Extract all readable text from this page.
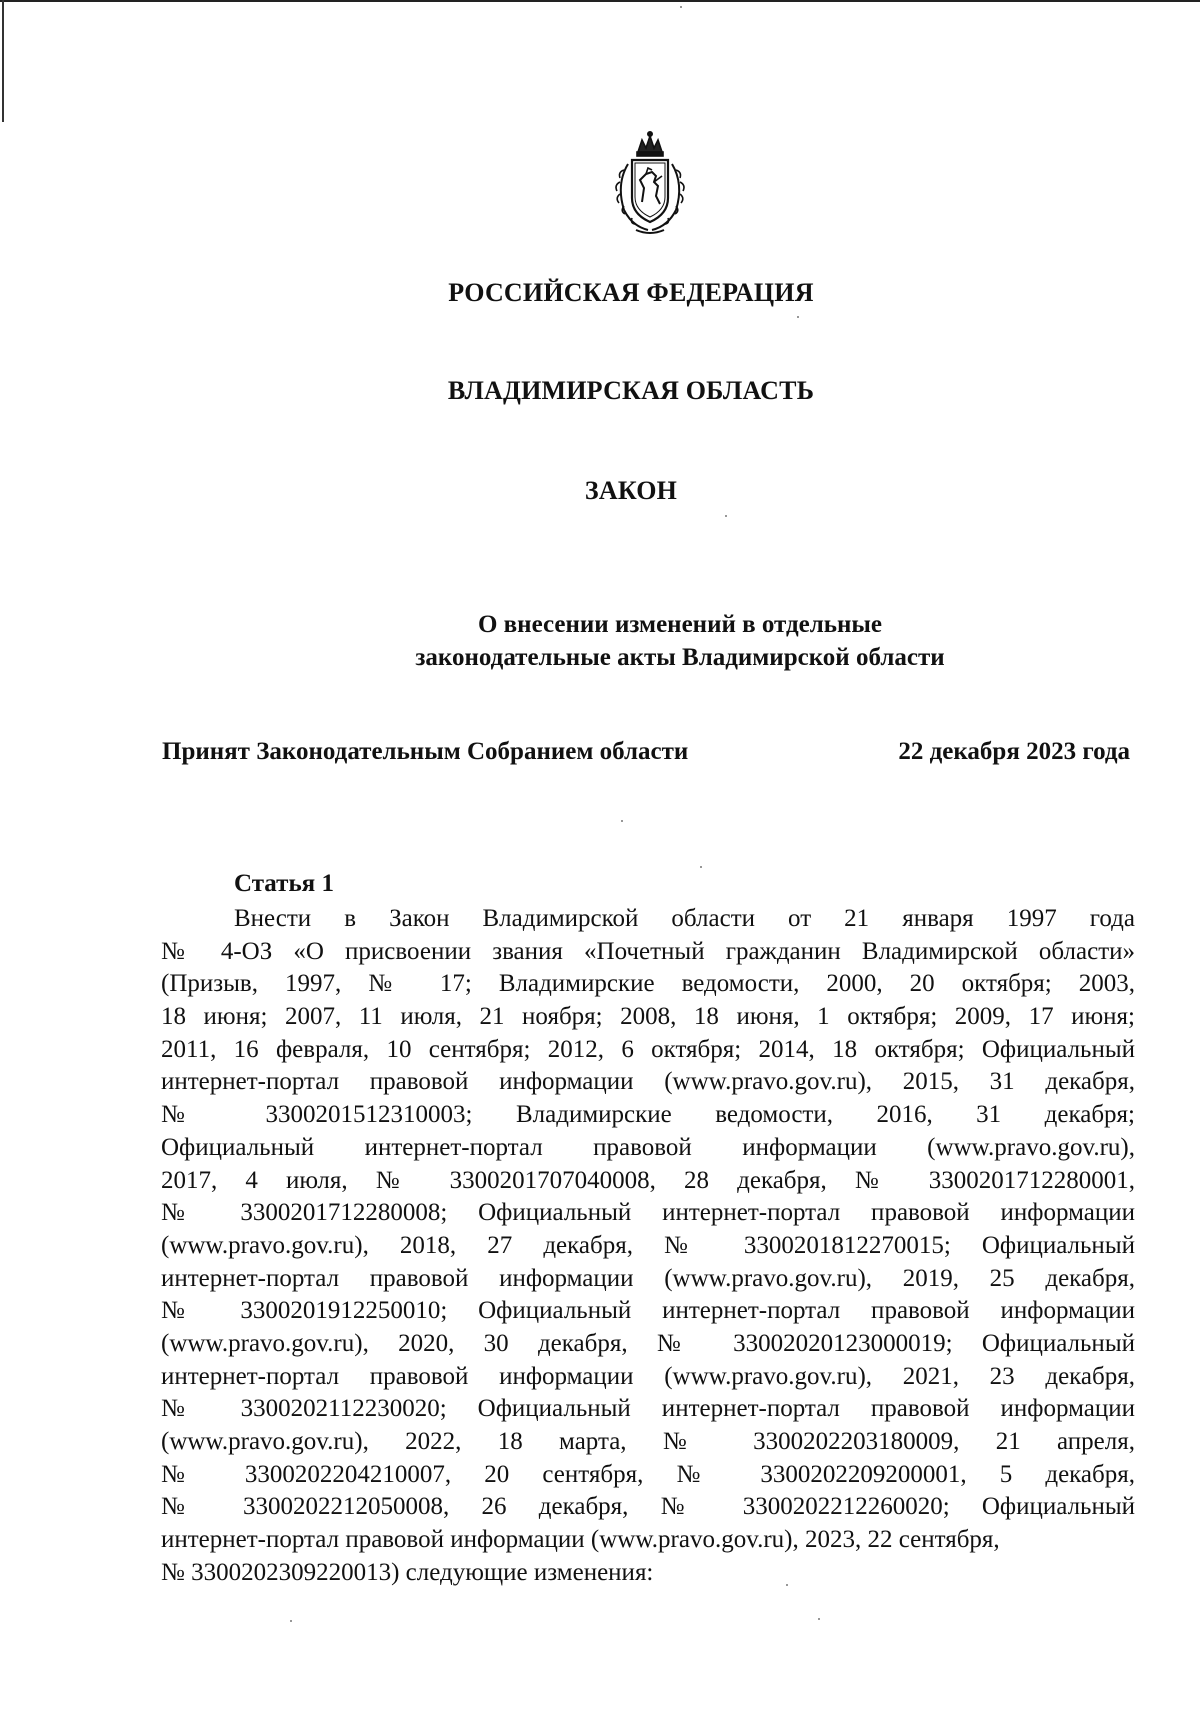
РОССИЙСКАЯ ФЕДЕРАЦИЯ
ВЛАДИМИРСКАЯ ОБЛАСТЬ
ЗАКОН
О внесении изменений в отдельные
законодательные акты Владимирской области
Принят Законодательным Собранием области	22 декабря 2023 года
Статья 1
Внести в Закон Владимирской области от 21 января 1997 года
№ 4-ОЗ «О присвоении звания «Почетный гражданин Владимирской области»
(Призыв, 1997, № 17; Владимирские ведомости, 2000, 20 октября; 2003,
18 июня; 2007, 11 июля, 21 ноября; 2008, 18 июня, 1 октября; 2009, 17 июня;
2011, 16 февраля, 10 сентября; 2012, 6 октября; 2014, 18 октября; Официальный
интернет-портал правовой информации (www.pravo.gov.ru), 2015, 31 декабря,
№ 3300201512310003; Владимирские ведомости, 2016, 31 декабря;
Официальный интернет-портал правовой информации (www.pravo.gov.ru),
2017, 4 июля, № 3300201707040008, 28 декабря, № 3300201712280001,
№ 3300201712280008; Официальный интернет-портал правовой информации
(www.pravo.gov.ru), 2018, 27 декабря, № 3300201812270015; Официальный
интернет-портал правовой информации (www.pravo.gov.ru), 2019, 25 декабря,
№ 3300201912250010; Официальный интернет-портал правовой информации
(www.pravo.gov.ru), 2020, 30 декабря, № 33002020123000019; Официальный
интернет-портал правовой информации (www.pravo.gov.ru), 2021, 23 декабря,
№ 3300202112230020; Официальный интернет-портал правовой информации
(www.pravo.gov.ru), 2022, 18 марта, № 3300202203180009, 21 апреля,
№ 3300202204210007, 20 сентября, № 3300202209200001, 5 декабря,
№ 3300202212050008, 26 декабря, № 3300202212260020; Официальный
интернет-портал правовой информации (www.pravo.gov.ru), 2023, 22 сентября,
№ 3300202309220013) следующие изменения:
